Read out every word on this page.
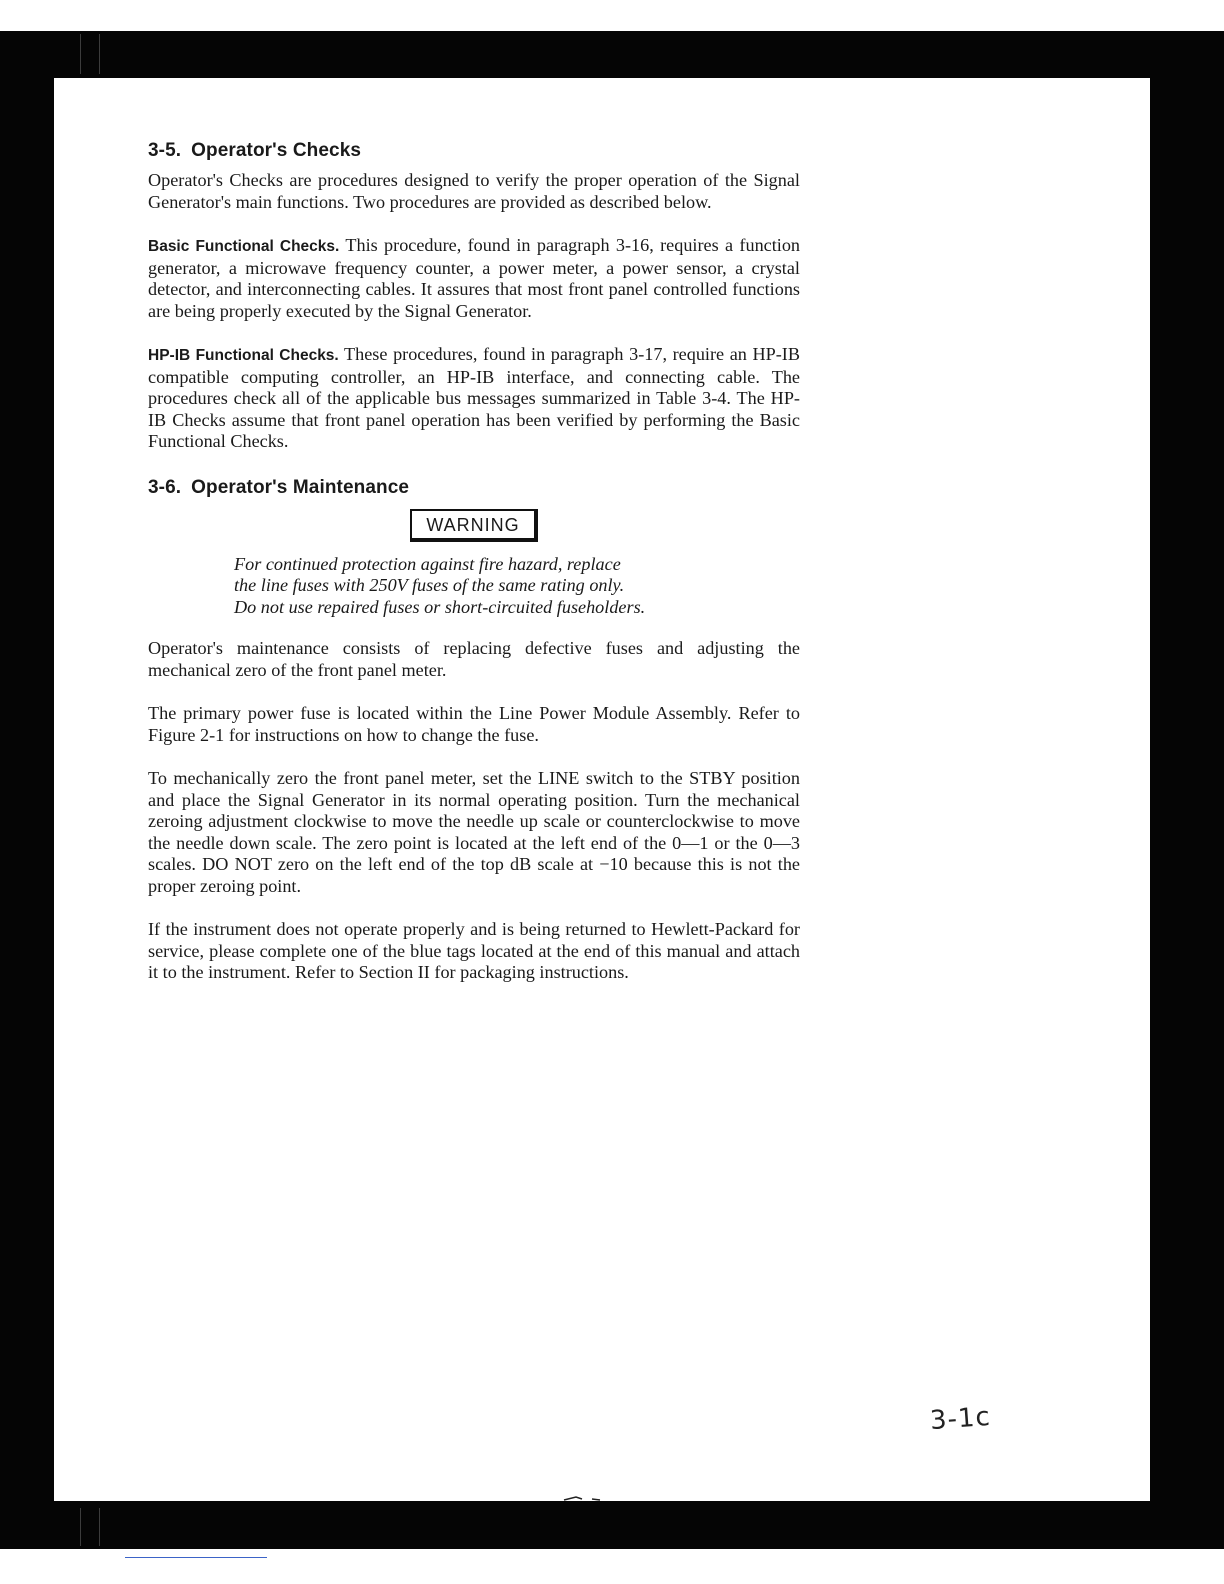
3-5. Operator's Checks

Operator's Checks are procedures designed to verify the proper operation of the Signal Generator's main functions. Two procedures are provided as described below.

Basic Functional Checks. This procedure, found in paragraph 3-16, requires a function generator, a microwave frequency counter, a power meter, a power sensor, a crystal detector, and interconnecting cables. It assures that most front panel controlled functions are being properly executed by the Signal Generator.

HP-IB Functional Checks. These procedures, found in paragraph 3-17, require an HP-IB compatible computing controller, an HP-IB interface, and connecting cable. The procedures check all of the applicable bus messages summarized in Table 3-4. The HP-IB Checks assume that front panel operation has been verified by performing the Basic Functional Checks.

3-6. Operator's Maintenance
WARNING
For continued protection against fire hazard, replace
the line fuses with 250V fuses of the same rating only.
Do not use repaired fuses or short-circuited fuseholders.

Operator's maintenance consists of replacing defective fuses and adjusting the mechanical zero of the front panel meter.

The primary power fuse is located within the Line Power Module Assembly. Refer to Figure 2-1 for instructions on how to change the fuse.

To mechanically zero the front panel meter, set the LINE switch to the STBY position and place the Signal Generator in its normal operating position. Turn the mechanical zeroing adjustment clockwise to move the needle up scale or counterclockwise to move the needle down scale. The zero point is located at the left end of the 0—1 or the 0—3 scales. DO NOT zero on the left end of the top dB scale at −10 because this is not the proper zeroing point.

If the instrument does not operate properly and is being returned to Hewlett-Packard for service, please complete one of the blue tags located at the end of this manual and attach it to the instrument. Refer to Section II for packaging instructions.

3-1c
